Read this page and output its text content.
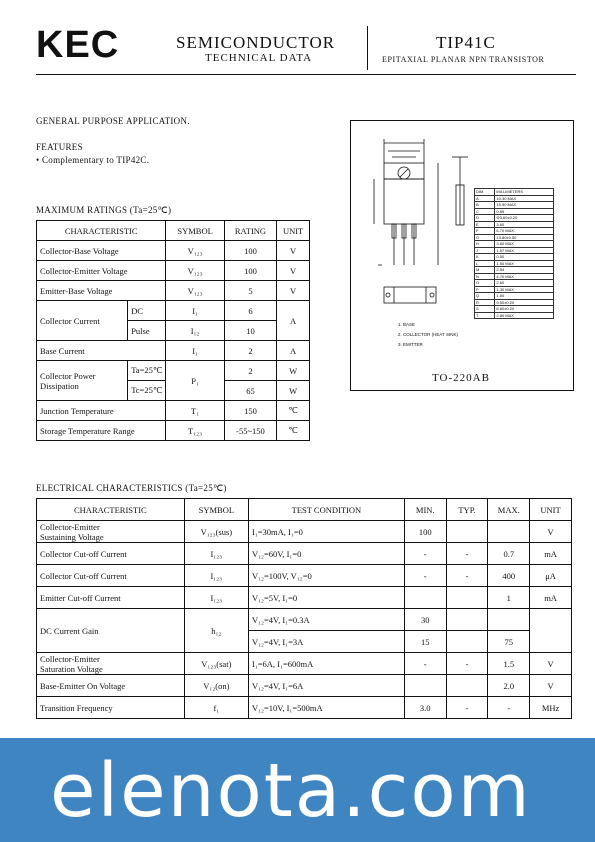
KEC	SEMICONDUCTOR
TECHNICAL DATA
TIP41C
EPITAXIAL PLANAR NPN TRANSISTOR
GENERAL PURPOSE APPLICATION.
FEATURES
• Complementary to TIP42C.
MAXIMUM RATINGS (Ta=25℃)
CHARACTERISTIC		SYMBOL	RATING	UNIT
Collector-Base Voltage		V₁₂₃	100	V
Collector-Emitter Voltage		V₁₂₃	100	V
Emitter-Base Voltage		V₁₂₃	5	V
Collector Current	DC	I₁	6	A
	Pulse	I₁₂	10	
Base Current		I₁	2	A
Collector Power
Dissipation	Ta=25℃	P₁	2	W
	Tc=25℃		65	W
Junction Temperature		T₁	150	℃
Storage Temperature Range		T₁₂₃	-55~150	℃
DIM	MILLIMETERS
A	10.30 MAX
B	15.90 MAX
C	0.85
D	Φ3.60±0.20
E	3.60
F	6.70 MAX
G	13.80±0.50
H	3.60 MAX
J	1.57 MAX
K	0.50
L	1.50 MAX
M	2.54
N	4.70 MAX
O	2.60
P	1.30 MAX
Q	1.50
R	9.50±0.20
S	8.60±0.20
T	2.80 MAX
1. BASE
2. COLLECTOR (HEAT SINK)
3. EMITTER
TO-220AB
ELECTRICAL CHARACTERISTICS (Ta=25℃)
CHARACTERISTIC	SYMBOL	TEST CONDITION	MIN.	TYP.	MAX.	UNIT
Collector-Emitter
Sustaining Voltage	V₁₂₃(sus)	I₁=30mA, I₁=0	100			V
Collector Cut-off Current	I₁₂₃	V₁₂=60V, I₁=0	-	-	0.7	mA
Collector Cut-off Current	I₁₂₃	V₁₂=100V, V₁₂=0	-	-	400	μA
Emitter Cut-off Current	I₁₂₃	V₁₂=5V, I₁=0			1	mA
DC Current Gain	h₁₂	V₁₂=4V, I₁=0.3A	30			
		V₁₂=4V, I₁=3A	15		75	
Collector-Emitter
Saturation Voltage	V₁₂₃(sat)	I₁=6A, I₁=600mA	-	-	1.5	V
Base-Emitter On Voltage	V₁₂(on)	V₁₂=4V, I₁=6A			2.0	V
Transition Frequency	f₁	V₁₂=10V, I₁=500mA	3.0	-	-	MHz
elenota.com
